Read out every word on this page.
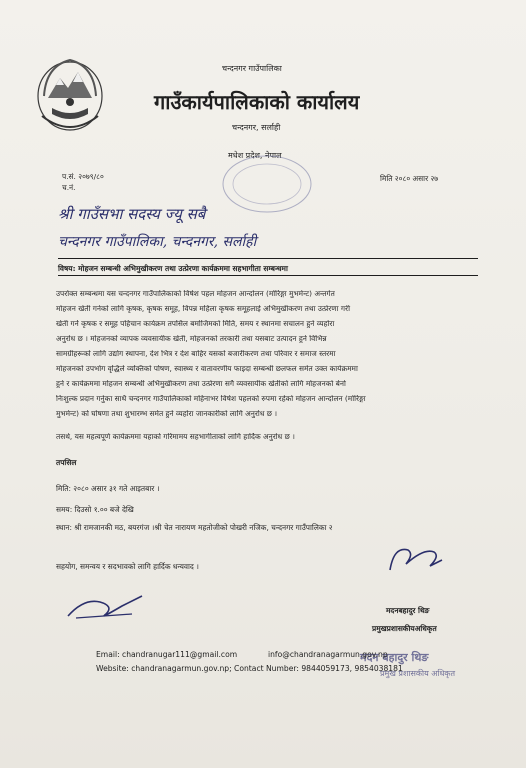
चन्दनगर गाउँपालिका
गाउँकार्यपालिकाको कार्यालय
चन्दनगर, सर्लाही
मधेश प्रदेश, नेपाल
प.सं. २०७९/८०
च.नं.
मिति २०८० असार २७
श्री गाउँसभा सदस्य ज्यू सबै
चन्दनगर गाउँपालिका, चन्दनगर, सर्लाही
विषय: मोहजन सम्बन्धी अभिमुखीकरण तथा उत्प्रेरणा कार्यक्रममा सहभागीता सम्बन्धमा
उपरोक्त सम्बन्धमा यस चन्दनगर गाउँपालिकाको विषेश पहल मोहजन आन्दोलन (मोरिङ्गा मुभमेन्ट) अन्तर्गत
मोहजन खेती गर्नको लागि कृषक, कृषक समूह, विपन्न महिला कृषक समूहलाई अभिमुखीकरण तथा उत्प्रेरणा गरी
खेती गर्ने कृषक र समूह पहिचान कार्यक्रम तपसिल बमोजिमको मिति, समय र स्थानमा सचालन हुने व्यहोरा
अनुरोध छ । मोहजनको व्यापक व्यवसायीक खेती, मोहजनको तरकारी तथा यसबाट उत्पादन हुने विभिन्न
सामग्रीहरूको लागि उद्योग स्थापना, देश भित्र र देश बाहिर यसको बजारीकरण तथा परिवार र समाज स्तरमा
मोहजनको उपभोग वृद्धिले व्यक्तिको पोषण, स्वास्थ्य र वातावरणीय फाइदा सम्बन्धी छलफल समेत उक्त कार्यक्रममा
हुने र कार्यक्रममा मोहजन सम्बन्धी अभिमुखीकरण तथा उत्प्रेरणा सगै व्यवसायीक खेतीको लागि मोहजनको बेर्ना
निःशुल्क प्रदान गर्नुका साथै चन्दनगर गाउँपालिकाको महिनाभर विषेश पहलको रुपमा रहेको मोहजन आन्दोलन (मोरिङ्गा
मुभमेन्ट) को घोषणा तथा शुभारम्भ समेत हुने व्यहोरा जानकारीको लागि अनुरोध छ ।
तसर्थ, यस महत्वपूर्ण कार्यक्रममा यहाको गरिमामय सहभागीताको लागि हार्दिक अनुरोध छ ।
तपसिल
मिति: २०८० असार ३१ गते आइतबार ।
समय: दिउसो १.०० बजे देखि
स्थान: श्री रामजानकी मठ, बयरगंज ।श्री चेत नारायण महतोजीको पोखरी नजिक, चन्दनगर गाउँपालिका २
सहयोग, समन्वय र सदभावको लागि हार्दिक धन्यवाद ।
मदनबहादुर थिङ
प्रमुखप्रशासकीयअधिकृत
मदन बहादुर थिङ
प्रमुख प्रशासकीय अधिकृत
Email: chandranugar111@gmail.com	info@chandranagarmun.gov.np
Website: chandranagarmun.gov.np; Contact Number: 9844059173, 9854038181
